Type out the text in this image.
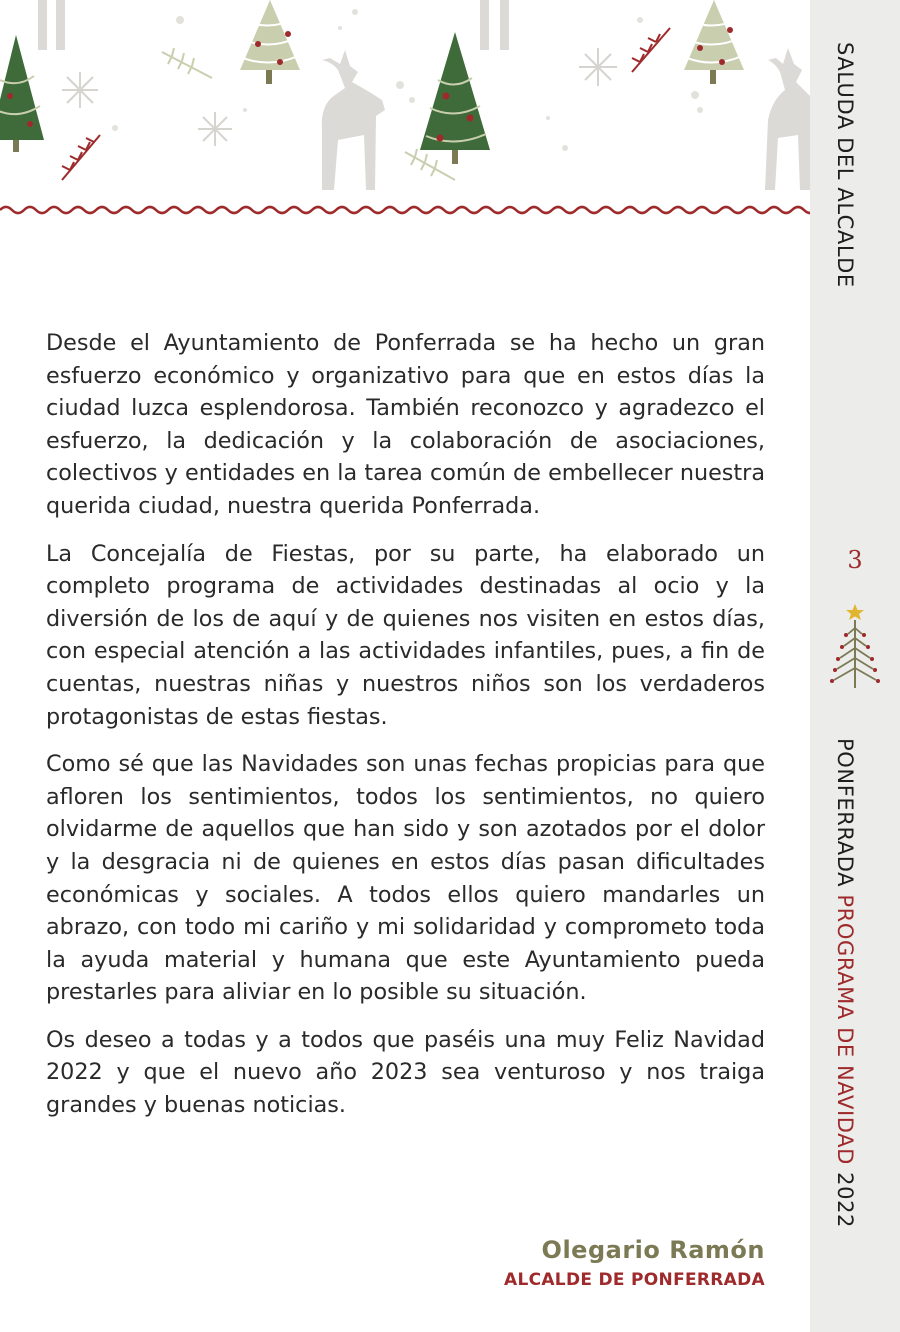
SALUDA DEL ALCALDE
3
PONFERRADA PROGRAMA DE NAVIDAD 2022

Desde el Ayuntamiento de Ponferrada se ha hecho un gran esfuerzo económico y organizativo para que en estos días la ciudad luzca esplendorosa. También reconozco y agradezco el esfuerzo, la dedicación y la colaboración de asociaciones, colectivos y entidades en la tarea común de embellecer nuestra querida ciudad, nuestra querida Ponferrada.

La Concejalía de Fiestas, por su parte, ha elaborado un completo programa de actividades destinadas al ocio y la diversión de los de aquí y de quienes nos visiten en estos días, con especial atención a las actividades infantiles, pues, a fin de cuentas, nuestras niñas y nuestros niños son los verdaderos protagonistas de estas fiestas.

Como sé que las Navidades son unas fechas propicias para que afloren los sentimientos, todos los sentimientos, no quiero olvidarme de aquellos que han sido y son azotados por el dolor y la desgracia ni de quienes en estos días pasan dificultades económicas y sociales. A todos ellos quiero mandarles un abrazo, con todo mi cariño y mi solidaridad y comprometo toda la ayuda material y humana que este Ayuntamiento pueda prestarles para aliviar en lo posible su situación.

Os deseo a todas y a todos que paséis una muy Feliz Navidad 2022 y que el nuevo año 2023 sea venturoso y nos traiga grandes y buenas noticias.

Olegario Ramón
ALCALDE DE PONFERRADA
